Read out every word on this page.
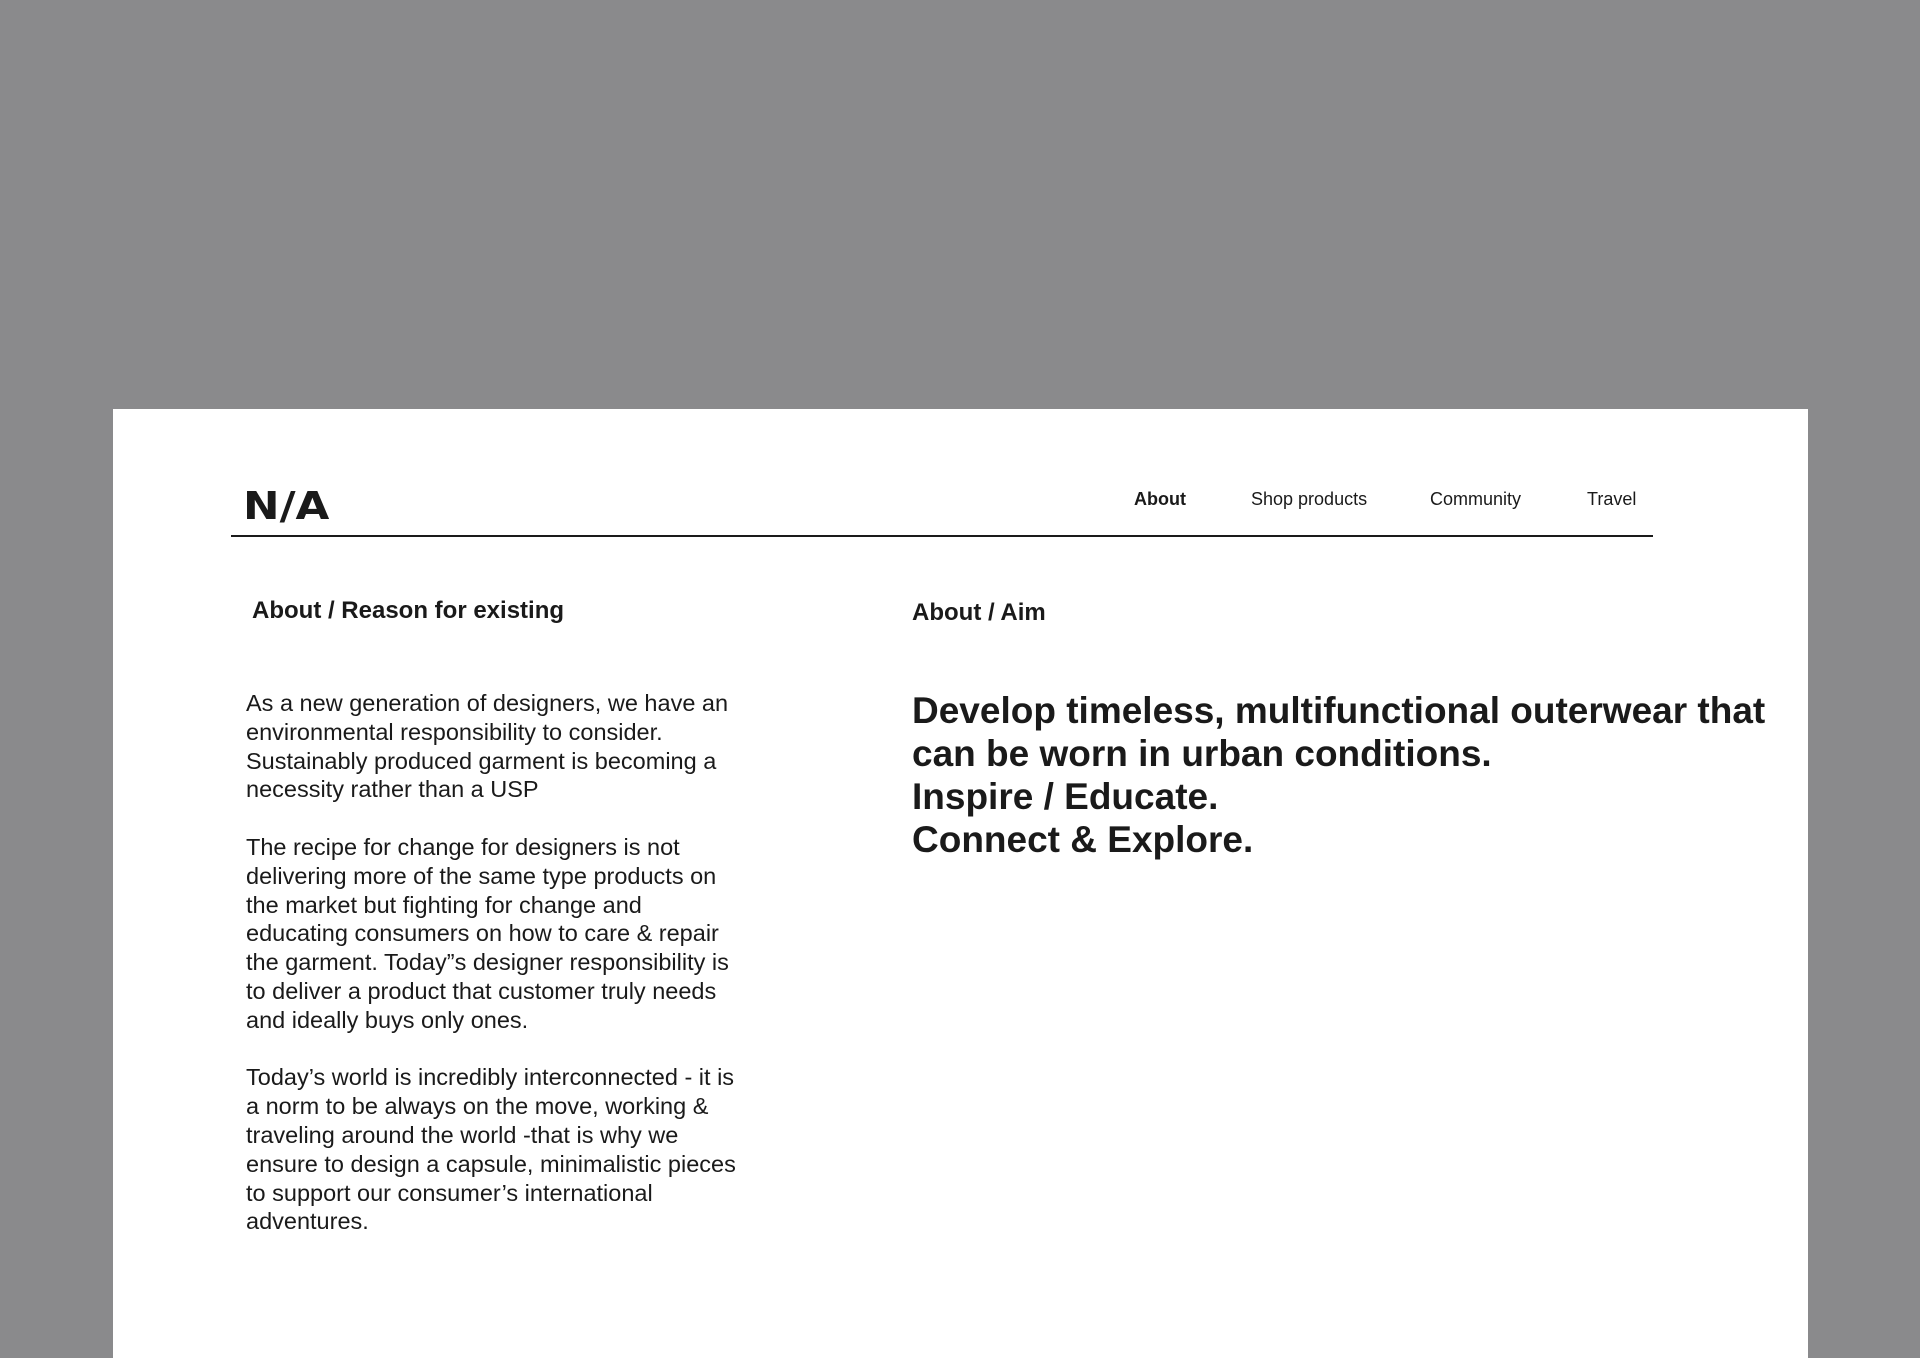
N/A	About	Shop products	Community	Travel
About / Reason for existing	About / Aim

As a new generation of designers, we have an environmental responsibility to consider. Sustainably produced garment is becoming a necessity rather than a USP

The recipe for change for designers is not delivering more of the same type products on the market but fighting for change and educating consumers on how to care & repair the garment. Today”s designer responsibility is to deliver a product that customer truly needs and ideally buys only ones.

Today’s world is incredibly interconnected - it is a norm to be always on the move, working & traveling around the world -that is why we ensure to design a capsule, minimalistic pieces to support our consumer’s international adventures.

Develop timeless, multifunctional outerwear that can be worn in urban conditions.
Inspire / Educate.
Connect & Explore.
